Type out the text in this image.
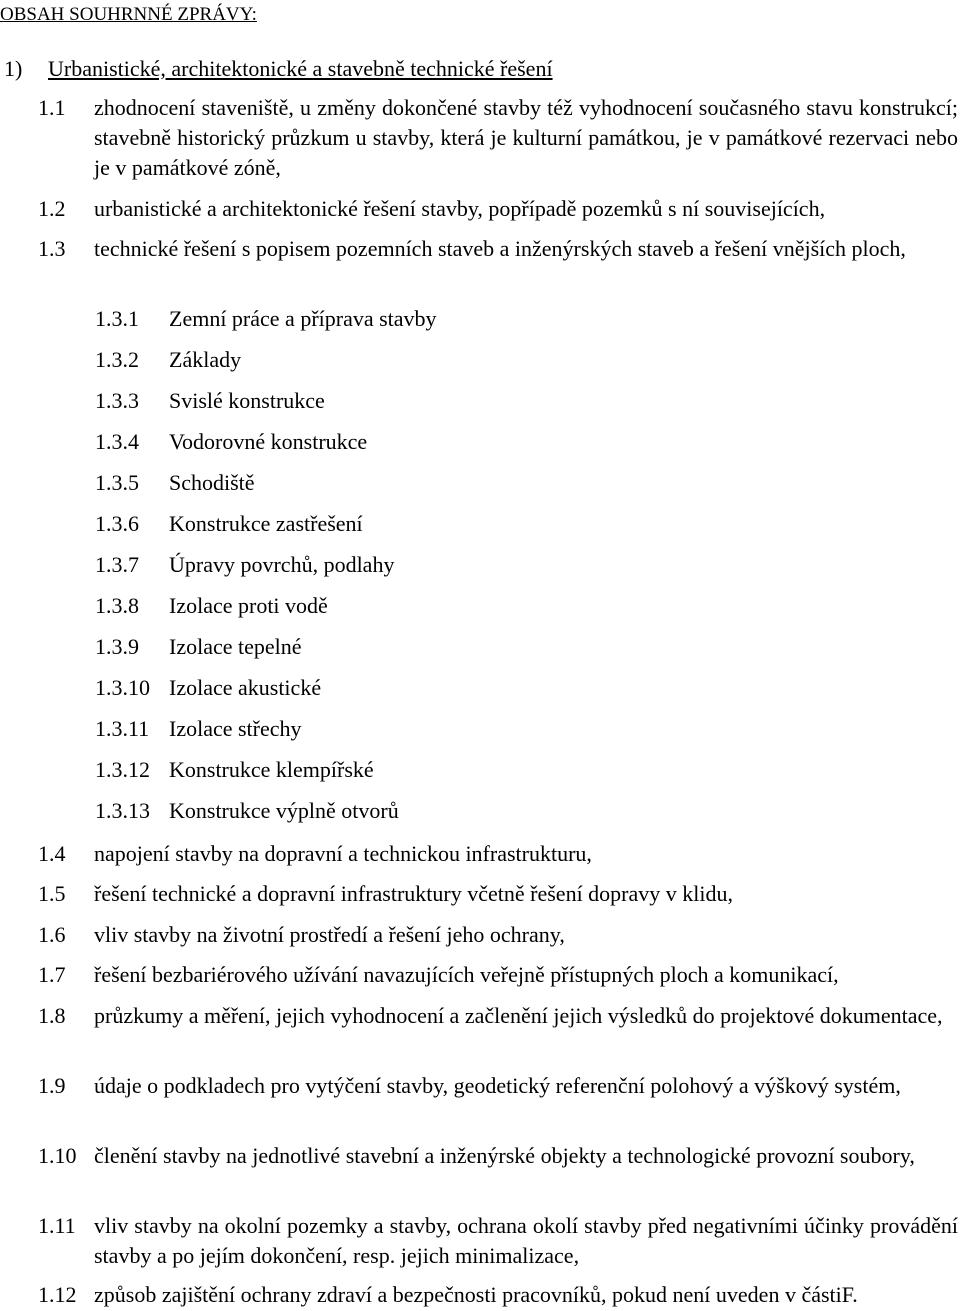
OBSAH SOUHRNNÉ ZPRÁVY:
1) Urbanistické, architektonické a stavebně technické řešení
1.1 zhodnocení staveniště, u změny dokončené stavby též vyhodnocení současného stavu konstrukcí; stavebně historický průzkum u stavby, která je kulturní památkou, je v památkové rezervaci nebo je v památkové zóně,
1.2 urbanistické a architektonické řešení stavby, popřípadě pozemků s ní souvisejících,
1.3 technické řešení s popisem pozemních staveb a inženýrských staveb a řešení vnějších ploch,
1.3.1 Zemní práce a příprava stavby
1.3.2 Základy
1.3.3 Svislé konstrukce
1.3.4 Vodorovné konstrukce
1.3.5 Schodiště
1.3.6 Konstrukce zastřešení
1.3.7 Úpravy povrchů, podlahy
1.3.8 Izolace proti vodě
1.3.9 Izolace tepelné
1.3.10 Izolace akustické
1.3.11 Izolace střechy
1.3.12 Konstrukce klempířské
1.3.13 Konstrukce výplně otvorů
1.4 napojení stavby na dopravní a technickou infrastrukturu,
1.5 řešení technické a dopravní infrastruktury včetně řešení dopravy v klidu,
1.6 vliv stavby na životní prostředí a řešení jeho ochrany,
1.7 řešení bezbariérového užívání navazujících veřejně přístupných ploch a komunikací,
1.8 průzkumy a měření, jejich vyhodnocení a začlenění jejich výsledků do projektové dokumentace,
1.9 údaje o podkladech pro vytýčení stavby, geodetický referenční polohový a výškový systém,
1.10 členění stavby na jednotlivé stavební a inženýrské objekty a technologické provozní soubory,
1.11 vliv stavby na okolní pozemky a stavby, ochrana okolí stavby před negativními účinky provádění stavby a po jejím dokončení, resp. jejich minimalizace,
1.12 způsob zajištění ochrany zdraví a bezpečnosti pracovníků, pokud není uveden v částiF.
